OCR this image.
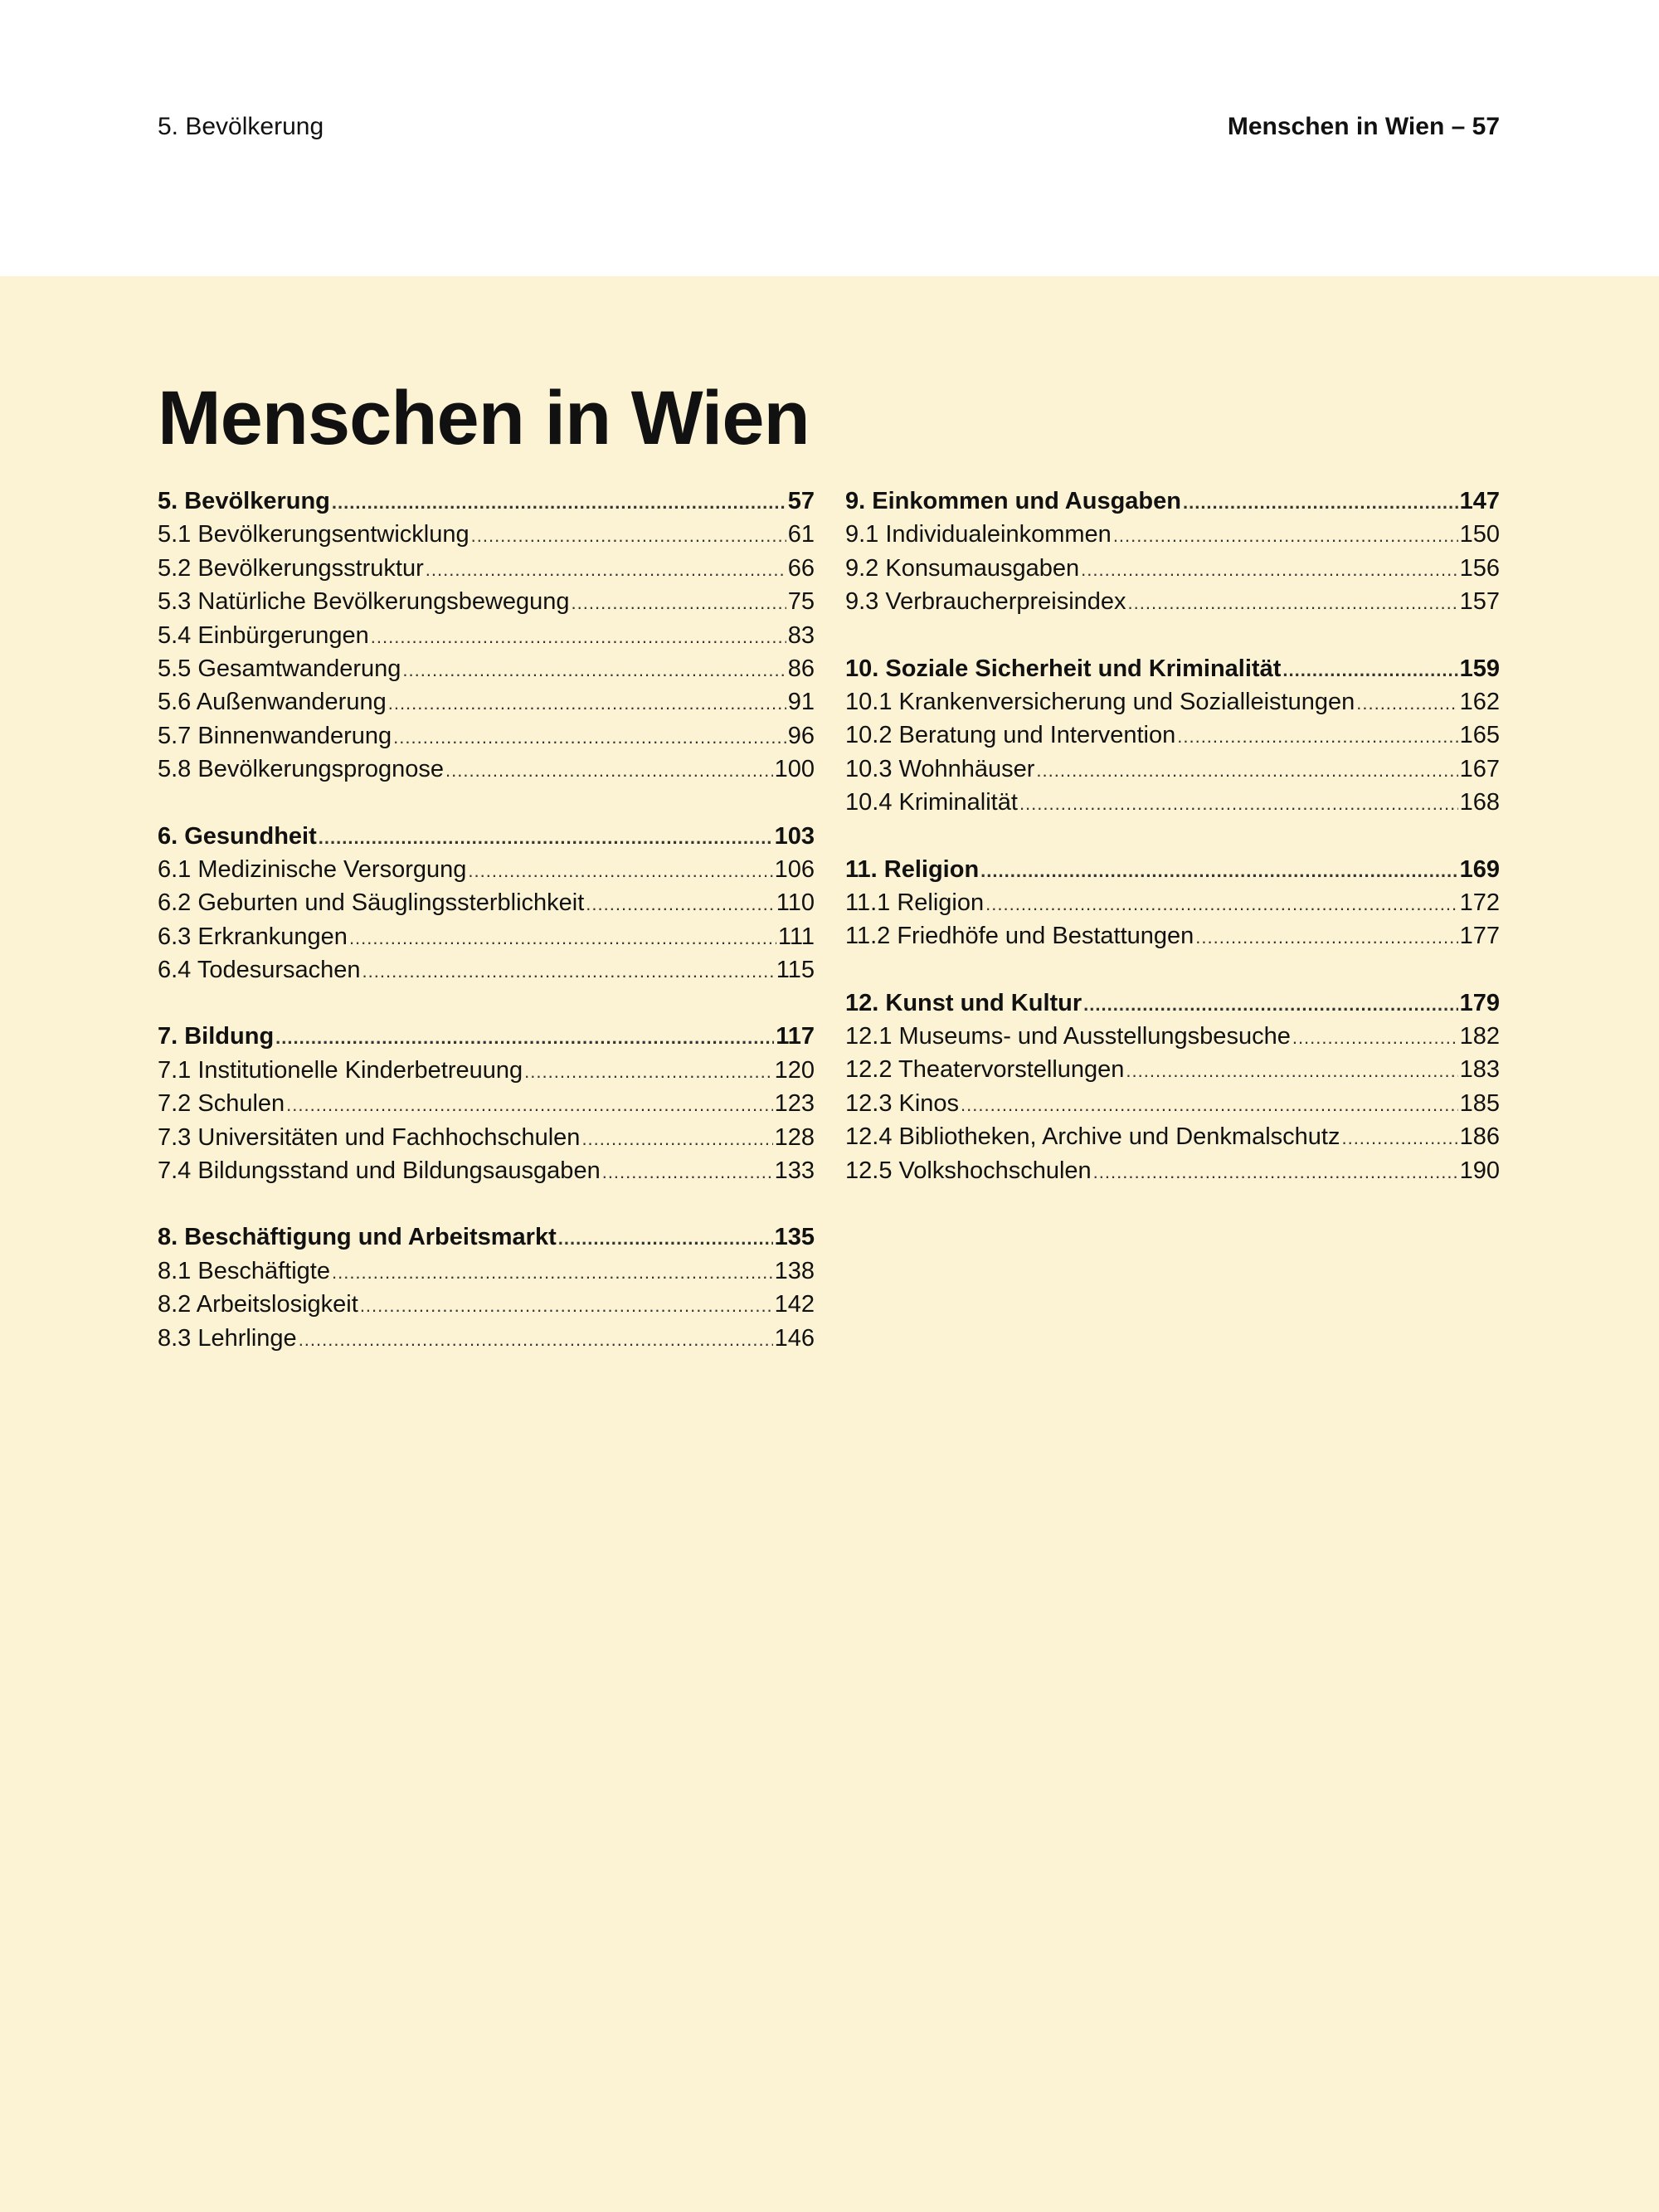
5. Bevölkerung	Menschen in Wien – 57
Menschen in Wien
5. Bevölkerung .....	57
5.1 Bevölkerungsentwicklung .....	61
5.2 Bevölkerungsstruktur .....	66
5.3 Natürliche Bevölkerungsbewegung .....	75
5.4 Einbürgerungen .....	83
5.5 Gesamtwanderung .....	86
5.6 Außenwanderung .....	91
5.7 Binnenwanderung .....	96
5.8 Bevölkerungsprognose .....	100
6. Gesundheit .....	103
6.1 Medizinische Versorgung .....	106
6.2 Geburten und Säuglingssterblichkeit .....	110
6.3 Erkrankungen .....	111
6.4 Todesursachen .....	115
7. Bildung .....	117
7.1 Institutionelle Kinderbetreuung .....	120
7.2 Schulen .....	123
7.3 Universitäten und Fachhochschulen .....	128
7.4 Bildungsstand und Bildungsausgaben .....	133
8. Beschäftigung und Arbeitsmarkt .....	135
8.1 Beschäftigte .....	138
8.2 Arbeitslosigkeit .....	142
8.3 Lehrlinge .....	146
9. Einkommen und Ausgaben .....	147
9.1 Individualeinkommen .....	150
9.2 Konsumausgaben .....	156
9.3 Verbraucherpreisindex .....	157
10. Soziale Sicherheit und Kriminalität .....	159
10.1 Krankenversicherung und Sozialleistungen .....	162
10.2 Beratung und Intervention .....	165
10.3 Wohnhäuser .....	167
10.4 Kriminalität .....	168
11. Religion .....	169
11.1 Religion .....	172
11.2 Friedhöfe und Bestattungen .....	177
12. Kunst und Kultur .....	179
12.1 Museums- und Ausstellungsbesuche .....	182
12.2 Theatervorstellungen .....	183
12.3 Kinos .....	185
12.4 Bibliotheken, Archive und Denkmalschutz .....	186
12.5 Volkshochschulen .....	190
